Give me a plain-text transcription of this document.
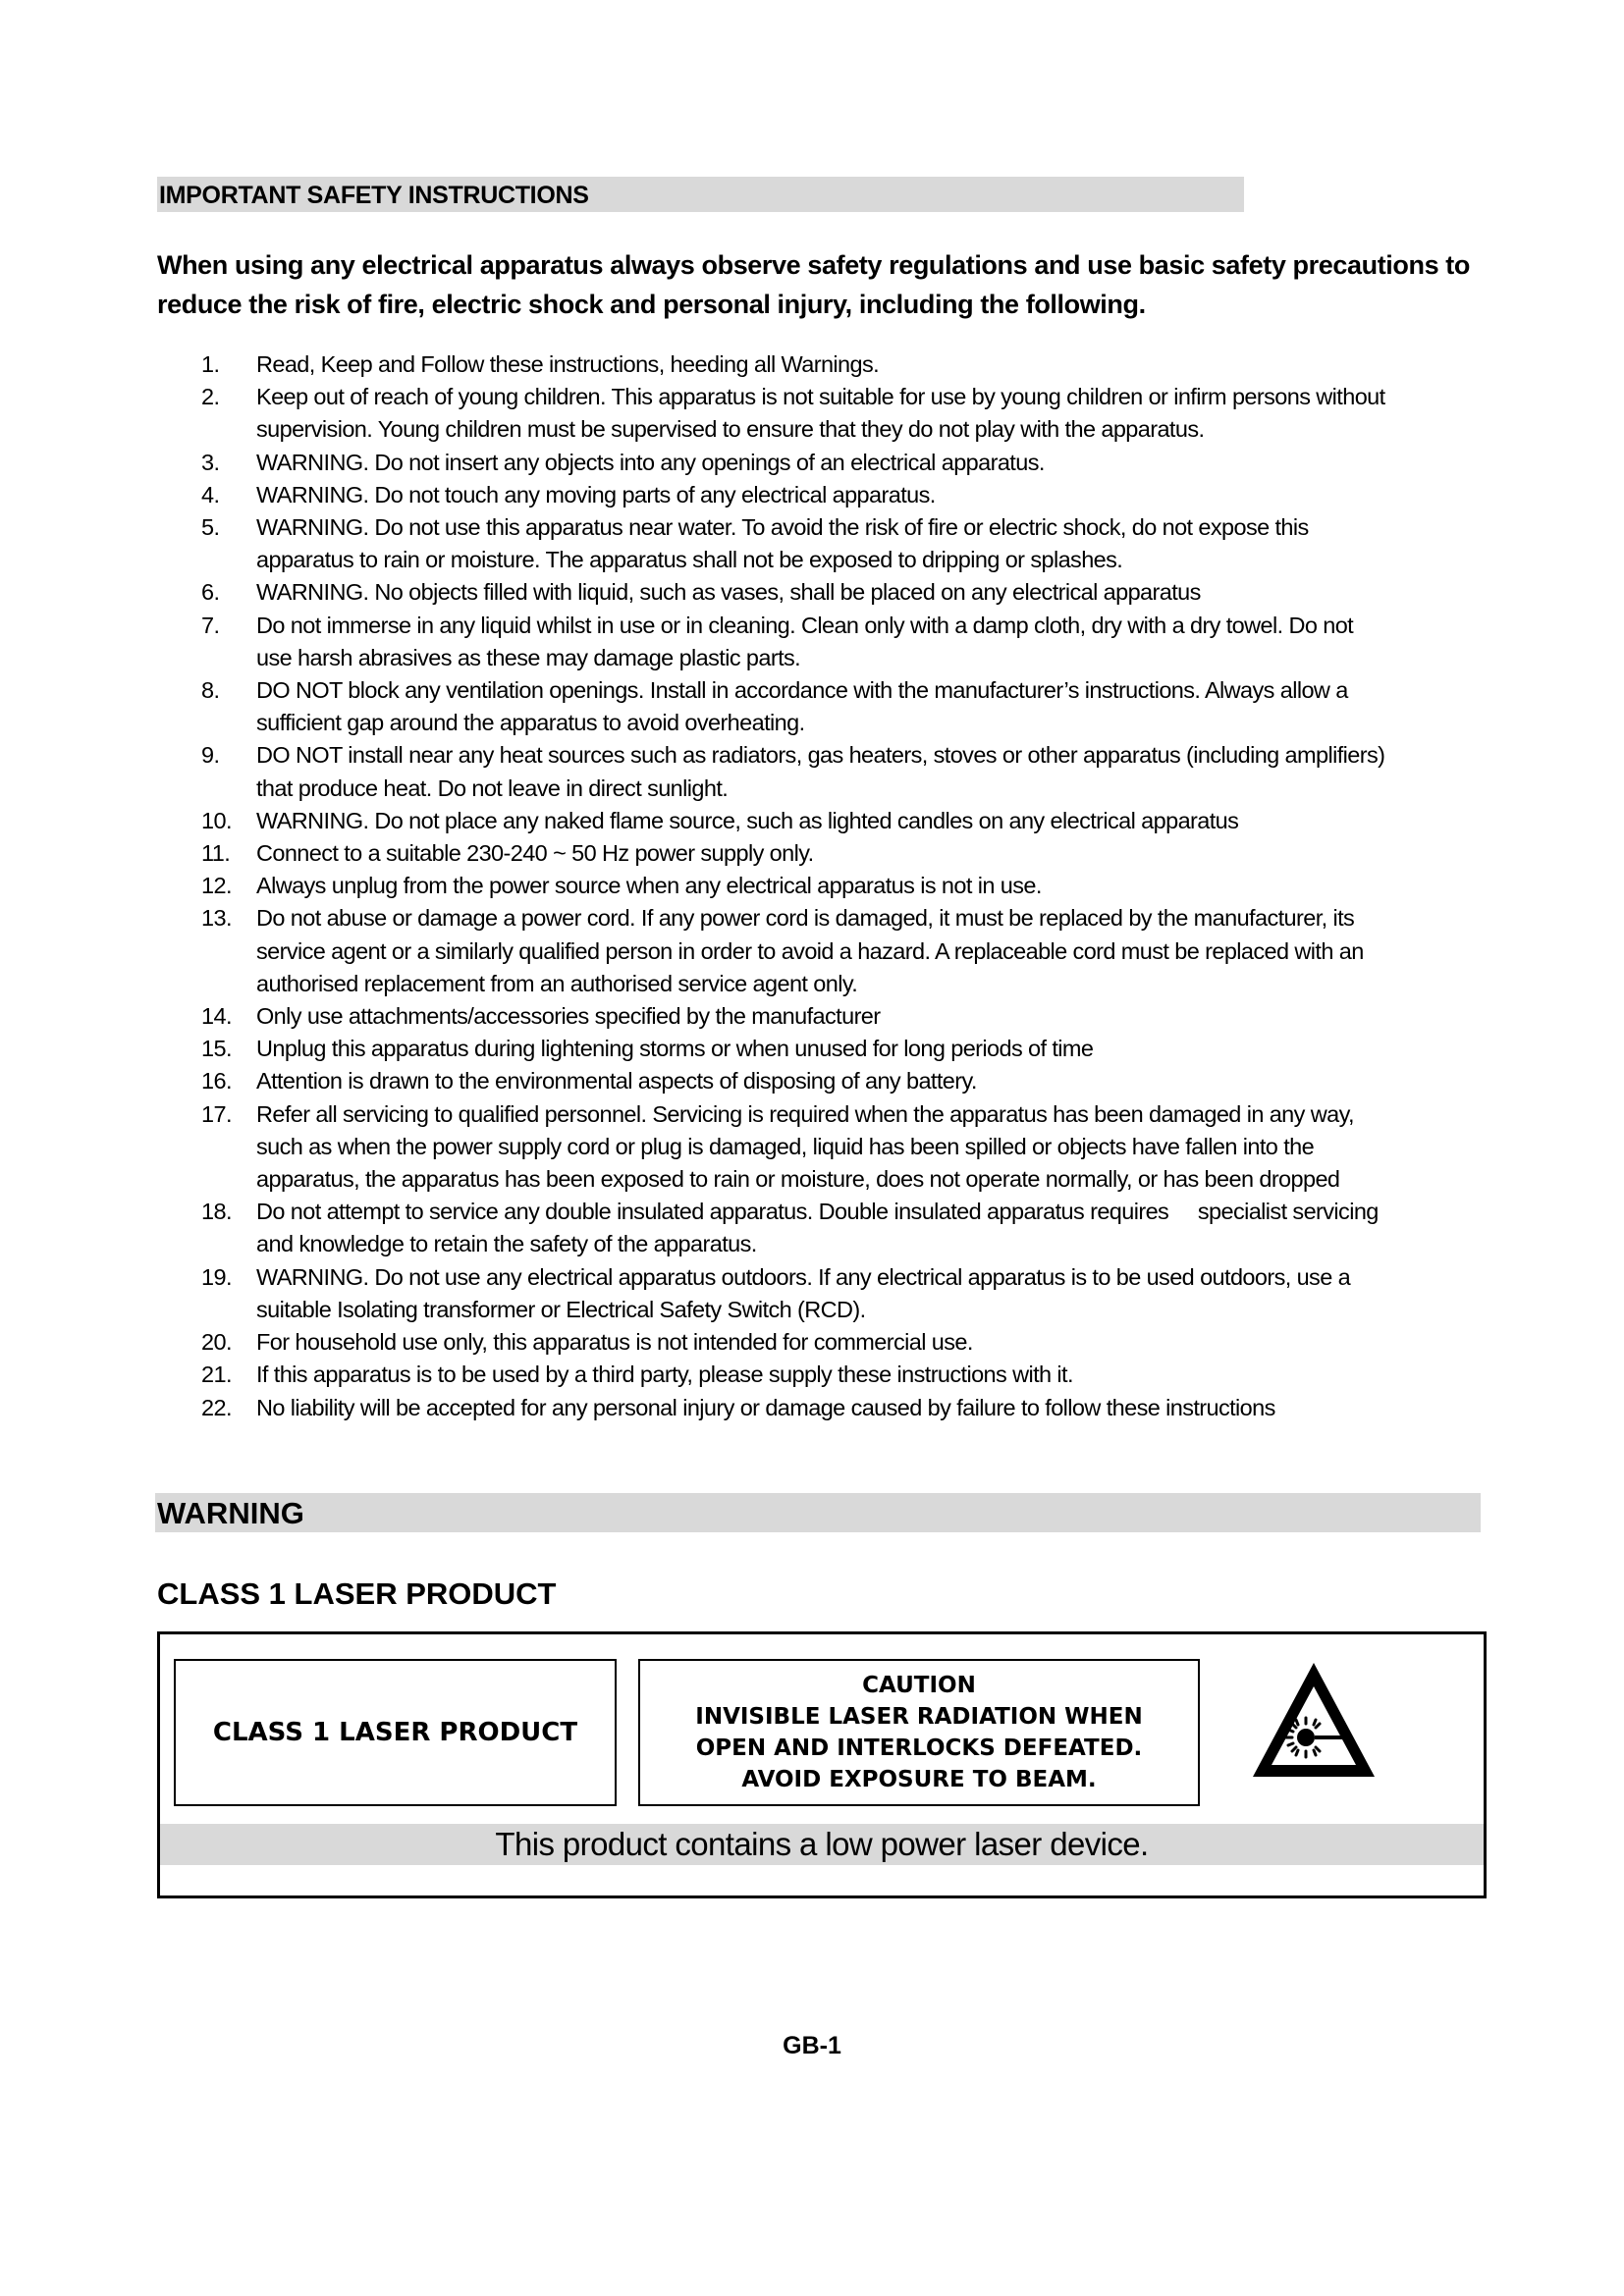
IMPORTANT SAFETY INSTRUCTIONS
When using any electrical apparatus always observe safety regulations and use basic safety precautions to reduce the risk of fire, electric shock and personal injury, including the following.
1.	Read, Keep and Follow these instructions, heeding all Warnings.
2.	Keep out of reach of young children. This apparatus is not suitable for use by young children or infirm persons without
supervision. Young children must be supervised to ensure that they do not play with the apparatus.
3.	WARNING. Do not insert any objects into any openings of an electrical apparatus.
4.	WARNING. Do not touch any moving parts of any electrical apparatus.
5.	WARNING. Do not use this apparatus near water. To avoid the risk of fire or electric shock, do not expose this
apparatus to rain or moisture. The apparatus shall not be exposed to dripping or splashes.
6.	WARNING. No objects filled with liquid, such as vases, shall be placed on any electrical apparatus
7.	Do not immerse in any liquid whilst in use or in cleaning. Clean only with a damp cloth, dry with a dry towel. Do not
use harsh abrasives as these may damage plastic parts.
8.	DO NOT block any ventilation openings. Install in accordance with the manufacturer’s instructions. Always allow a
sufficient gap around the apparatus to avoid overheating.
9.	DO NOT install near any heat sources such as radiators, gas heaters, stoves or other apparatus (including amplifiers)
that produce heat. Do not leave in direct sunlight.
10.	WARNING. Do not place any naked flame source, such as lighted candles on any electrical apparatus
11.	Connect to a suitable 230-240 ~ 50 Hz power supply only.
12.	Always unplug from the power source when any electrical apparatus is not in use.
13.	Do not abuse or damage a power cord. If any power cord is damaged, it must be replaced by the manufacturer, its
service agent or a similarly qualified person in order to avoid a hazard. A replaceable cord must be replaced with an
authorised replacement from an authorised service agent only.
14.	Only use attachments/accessories specified by the manufacturer
15.	Unplug this apparatus during lightening storms or when unused for long periods of time
16.	Attention is drawn to the environmental aspects of disposing of any battery.
17.	Refer all servicing to qualified personnel. Servicing is required when the apparatus has been damaged in any way,
such as when the power supply cord or plug is damaged, liquid has been spilled or objects have fallen into the
apparatus, the apparatus has been exposed to rain or moisture, does not operate normally, or has been dropped
18.	Do not attempt to service any double insulated apparatus. Double insulated apparatus requires     specialist servicing
and knowledge to retain the safety of the apparatus.
19.	WARNING. Do not use any electrical apparatus outdoors. If any electrical apparatus is to be used outdoors, use a
suitable Isolating transformer or Electrical Safety Switch (RCD).
20.	For household use only, this apparatus is not intended for commercial use.
21.	If this apparatus is to be used by a third party, please supply these instructions with it.
22.	No liability will be accepted for any personal injury or damage caused by failure to follow these instructions
WARNING
CLASS 1 LASER PRODUCT
CLASS 1 LASER PRODUCT
CAUTION
INVISIBLE LASER RADIATION WHEN
OPEN AND INTERLOCKS DEFEATED.
AVOID EXPOSURE TO BEAM.
This product contains a low power laser device.
GB-1
